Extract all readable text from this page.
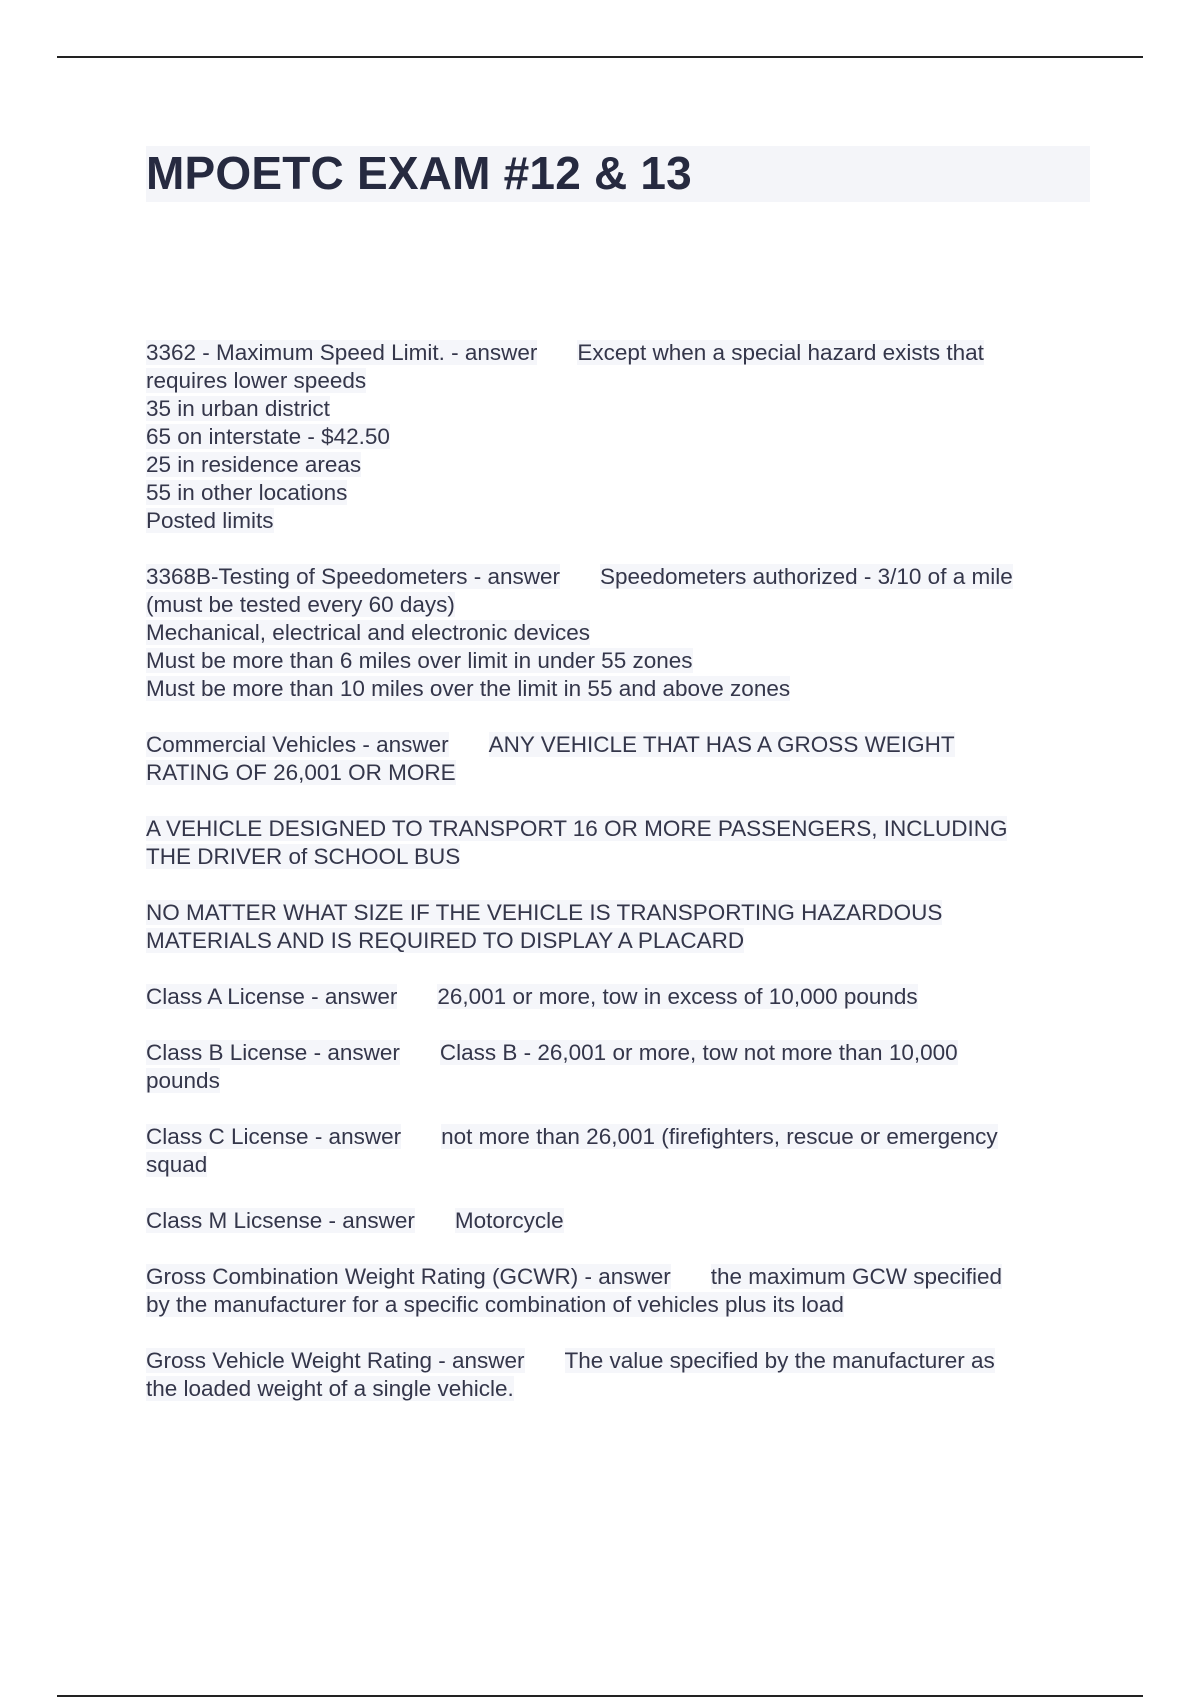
MPOETC EXAM #12 & 13
3362 - Maximum Speed Limit. - answer Except when a special hazard exists that
requires lower speeds
35 in urban district
65 on interstate - $42.50
25 in residence areas
55 in other locations
Posted limits
3368B-Testing of Speedometers - answer Speedometers authorized - 3/10 of a mile
(must be tested every 60 days)
Mechanical, electrical and electronic devices
Must be more than 6 miles over limit in under 55 zones
Must be more than 10 miles over the limit in 55 and above zones
Commercial Vehicles - answer ANY VEHICLE THAT HAS A GROSS WEIGHT
RATING OF 26,001 OR MORE
A VEHICLE DESIGNED TO TRANSPORT 16 OR MORE PASSENGERS, INCLUDING
THE DRIVER of SCHOOL BUS
NO MATTER WHAT SIZE IF THE VEHICLE IS TRANSPORTING HAZARDOUS
MATERIALS AND IS REQUIRED TO DISPLAY A PLACARD
Class A License - answer 26,001 or more, tow in excess of 10,000 pounds
Class B License - answer Class B - 26,001 or more, tow not more than 10,000
pounds
Class C License - answer not more than 26,001 (firefighters, rescue or emergency
squad
Class M Licsense - answer Motorcycle
Gross Combination Weight Rating (GCWR) - answer the maximum GCW specified
by the manufacturer for a specific combination of vehicles plus its load
Gross Vehicle Weight Rating - answer The value specified by the manufacturer as
the loaded weight of a single vehicle.
